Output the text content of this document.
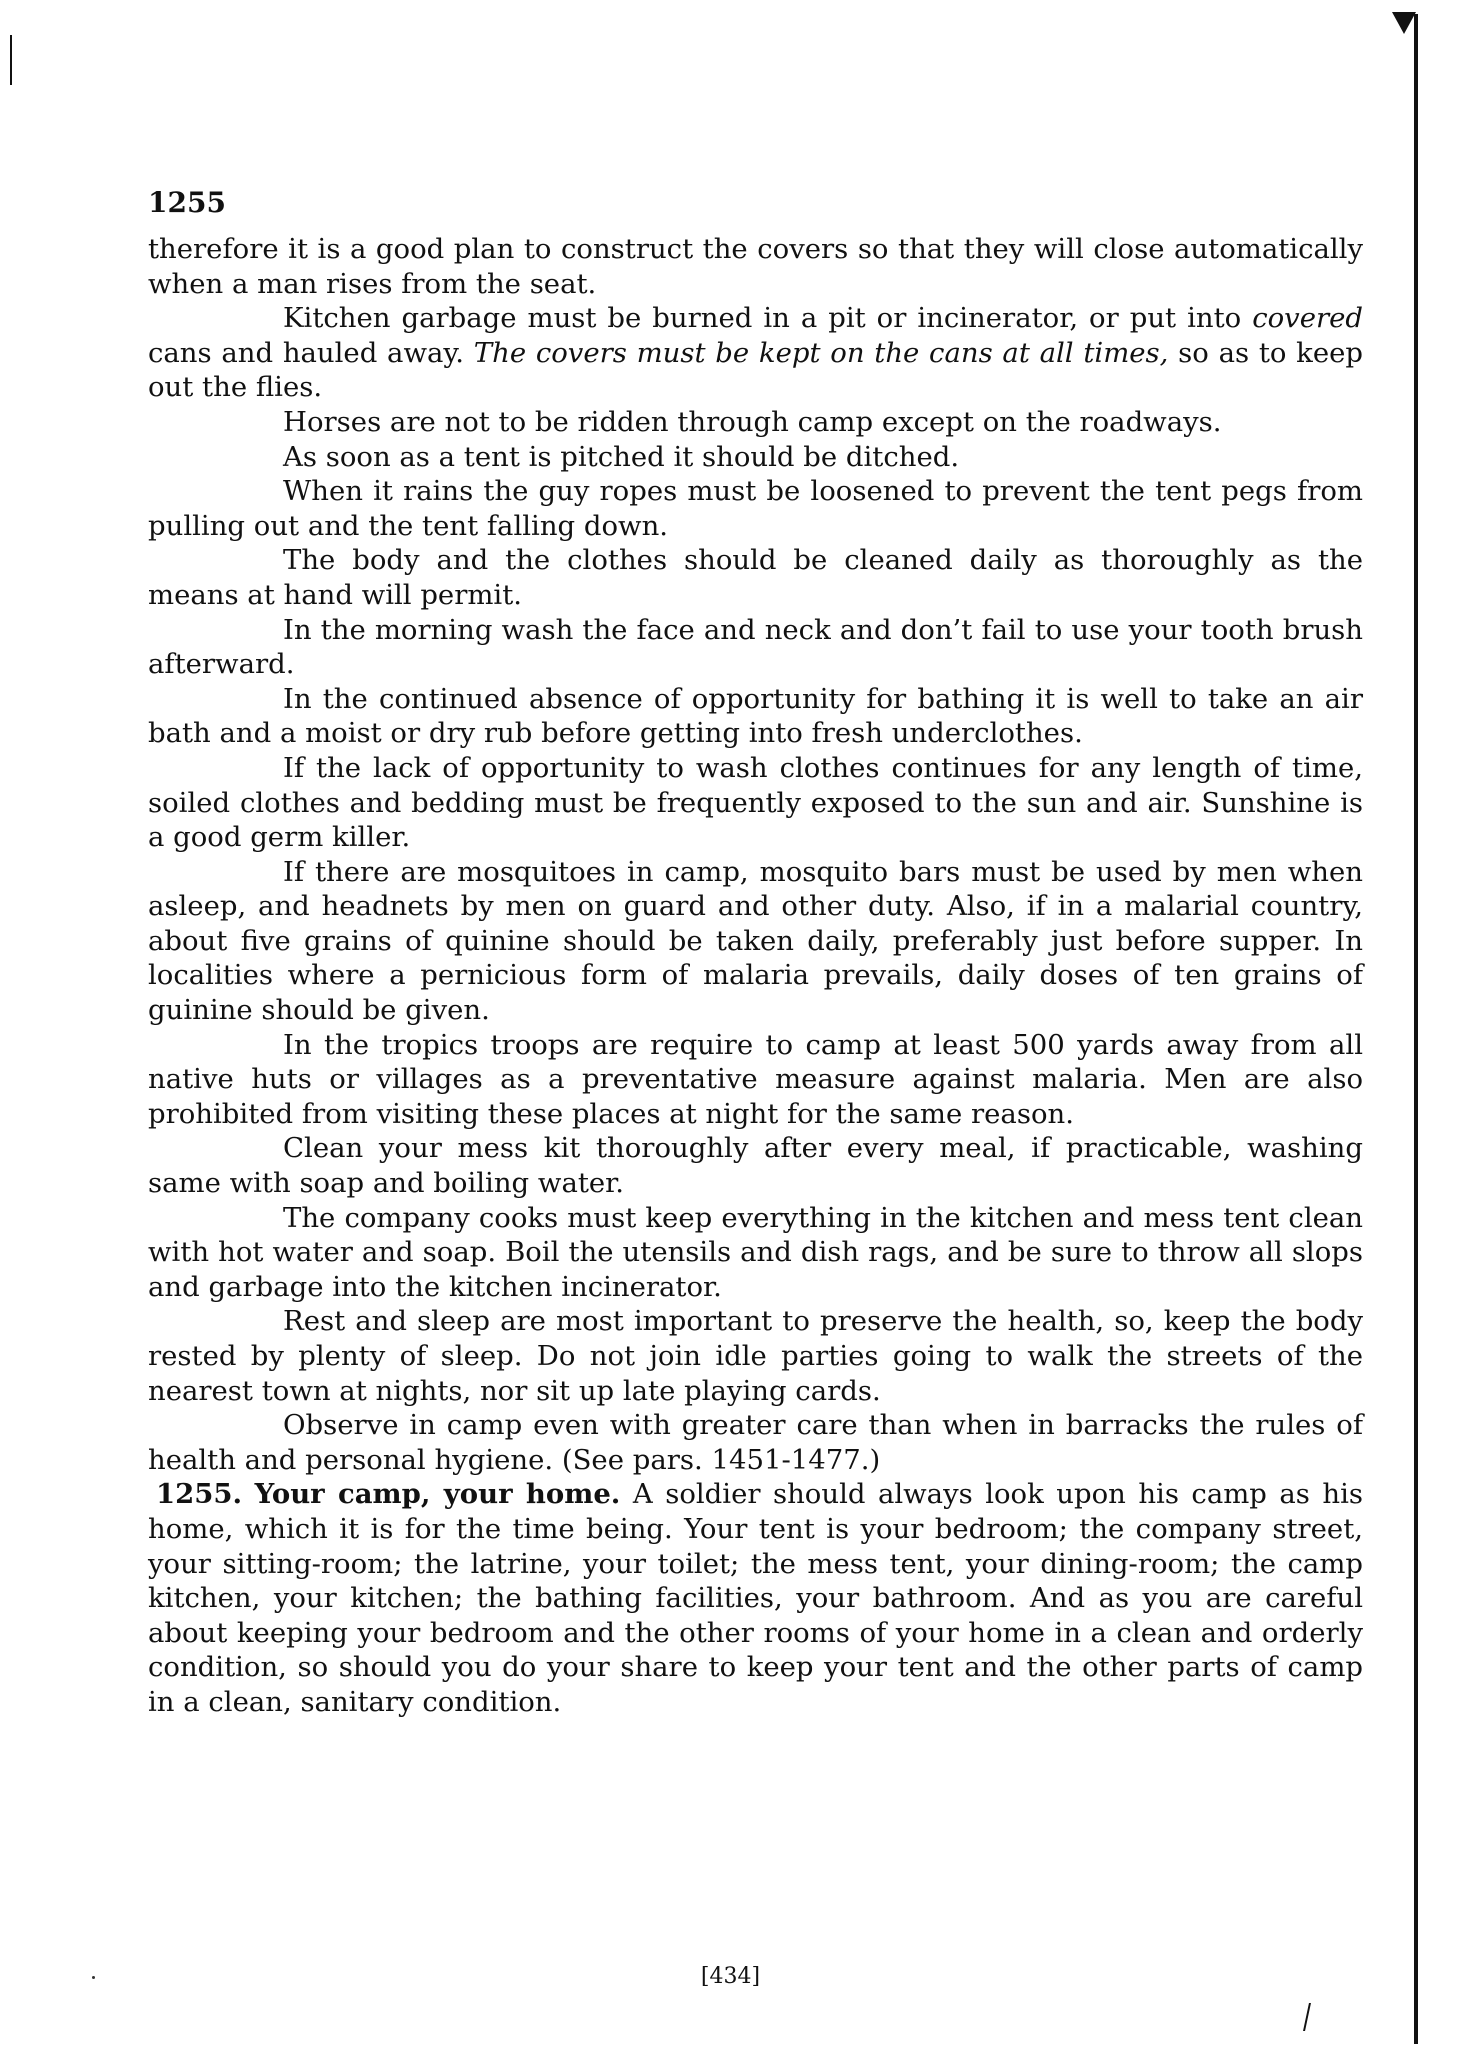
1255

therefore it is a good plan to construct the covers so that they will close automatically when a man rises from the seat.

Kitchen garbage must be burned in a pit or incinerator, or put into covered cans and hauled away. The covers must be kept on the cans at all times, so as to keep out the flies.

Horses are not to be ridden through camp except on the roadways.

As soon as a tent is pitched it should be ditched.

When it rains the guy ropes must be loosened to prevent the tent pegs from pulling out and the tent falling down.

The body and the clothes should be cleaned daily as thoroughly as the means at hand will permit.

In the morning wash the face and neck and don’t fail to use your tooth brush afterward.

In the continued absence of opportunity for bathing it is well to take an air bath and a moist or dry rub before getting into fresh underclothes.

If the lack of opportunity to wash clothes continues for any length of time, soiled clothes and bedding must be frequently exposed to the sun and air. Sunshine is a good germ killer.

If there are mosquitoes in camp, mosquito bars must be used by men when asleep, and headnets by men on guard and other duty. Also, if in a malarial country, about five grains of quinine should be taken daily, preferably just before supper. In localities where a pernicious form of malaria prevails, daily doses of ten grains of guinine should be given.

In the tropics troops are require to camp at least 500 yards away from all native huts or villages as a preventative measure against malaria. Men are also prohibited from visiting these places at night for the same reason.

Clean your mess kit thoroughly after every meal, if practicable, washing same with soap and boiling water.

The company cooks must keep everything in the kitchen and mess tent clean with hot water and soap. Boil the utensils and dish rags, and be sure to throw all slops and garbage into the kitchen incinerator.

Rest and sleep are most important to preserve the health, so, keep the body rested by plenty of sleep. Do not join idle parties going to walk the streets of the nearest town at nights, nor sit up late playing cards.

Observe in camp even with greater care than when in barracks the rules of health and personal hygiene. (See pars. 1451-1477.)

1255. Your camp, your home. A soldier should always look upon his camp as his home, which it is for the time being. Your tent is your bedroom; the company street, your sitting-room; the latrine, your toilet; the mess tent, your dining-room; the camp kitchen, your kitchen; the bathing facilities, your bathroom. And as you are careful about keeping your bedroom and the other rooms of your home in a clean and orderly condition, so should you do your share to keep your tent and the other parts of camp in a clean, sanitary condition.

[434]
